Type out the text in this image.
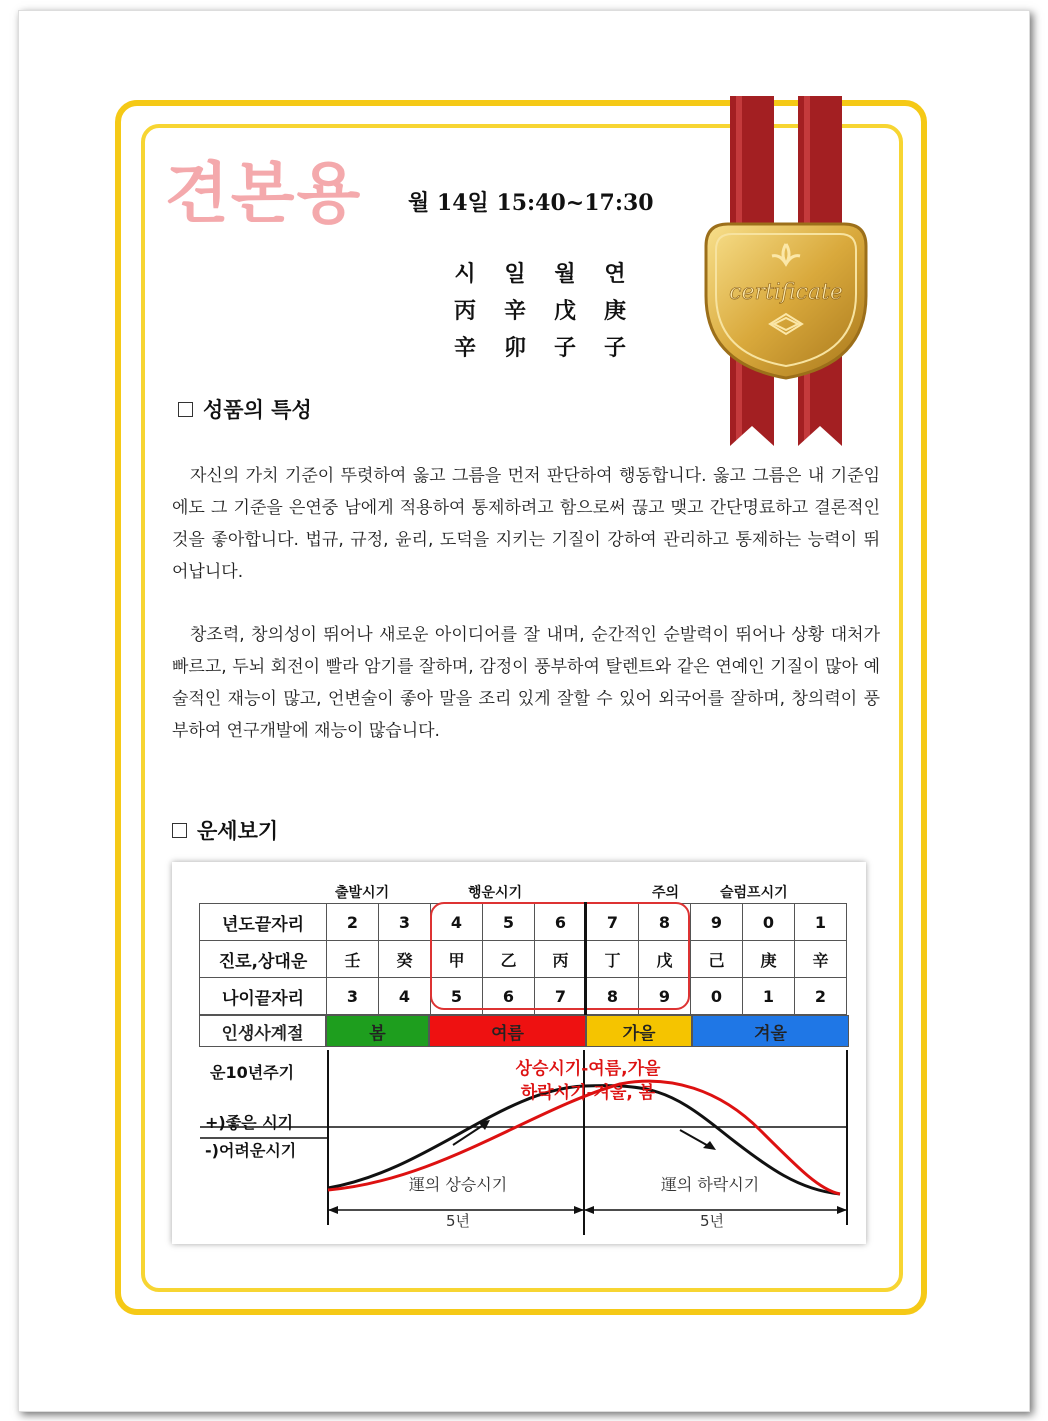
certificate
견본용 월 14일 15:40~17:30
시	일	월	연
丙	辛	戊	庚
辛	卯	子	子
성품의 특성
자신의 가치 기준이 뚜렷하여 옳고 그름을 먼저 판단하여 행동합니다. 옳고 그름은 내 기준임에도 그 기준을 은연중 남에게 적용하여 통제하려고 함으로써 끊고 맺고 간단명료하고 결론적인 것을 좋아합니다. 법규, 규정, 윤리, 도덕을 지키는 기질이 강하여 관리하고 통제하는 능력이 뛰어납니다.
창조력, 창의성이 뛰어나 새로운 아이디어를 잘 내며, 순간적인 순발력이 뛰어나 상황 대처가 빠르고, 두뇌 회전이 빨라 암기를 잘하며, 감정이 풍부하여 탈렌트와 같은 연예인 기질이 많아 예술적인 재능이 많고, 언변술이 좋아 말을 조리 있게 잘할 수 있어 외국어를 잘하며, 창의력이 풍부하여 연구개발에 재능이 많습니다.
운세보기
출발시기	행운시기	주의	슬럼프시기
년도끝자리	2	3	4	5	6	7	8	9	0	1
진로,상대운	壬	癸	甲	乙	丙	丁	戊	己	庚	辛
나이끝자리	3	4	5	6	7	8	9	0	1	2
인생사계절	봄	여름	가을	겨울
운10년주기
+)좋은 시기
-)어려운시기
運의 상승시기	運의 하락시기
5년	5년
상승시기-여름,가을
하락시기-겨울, 봄
